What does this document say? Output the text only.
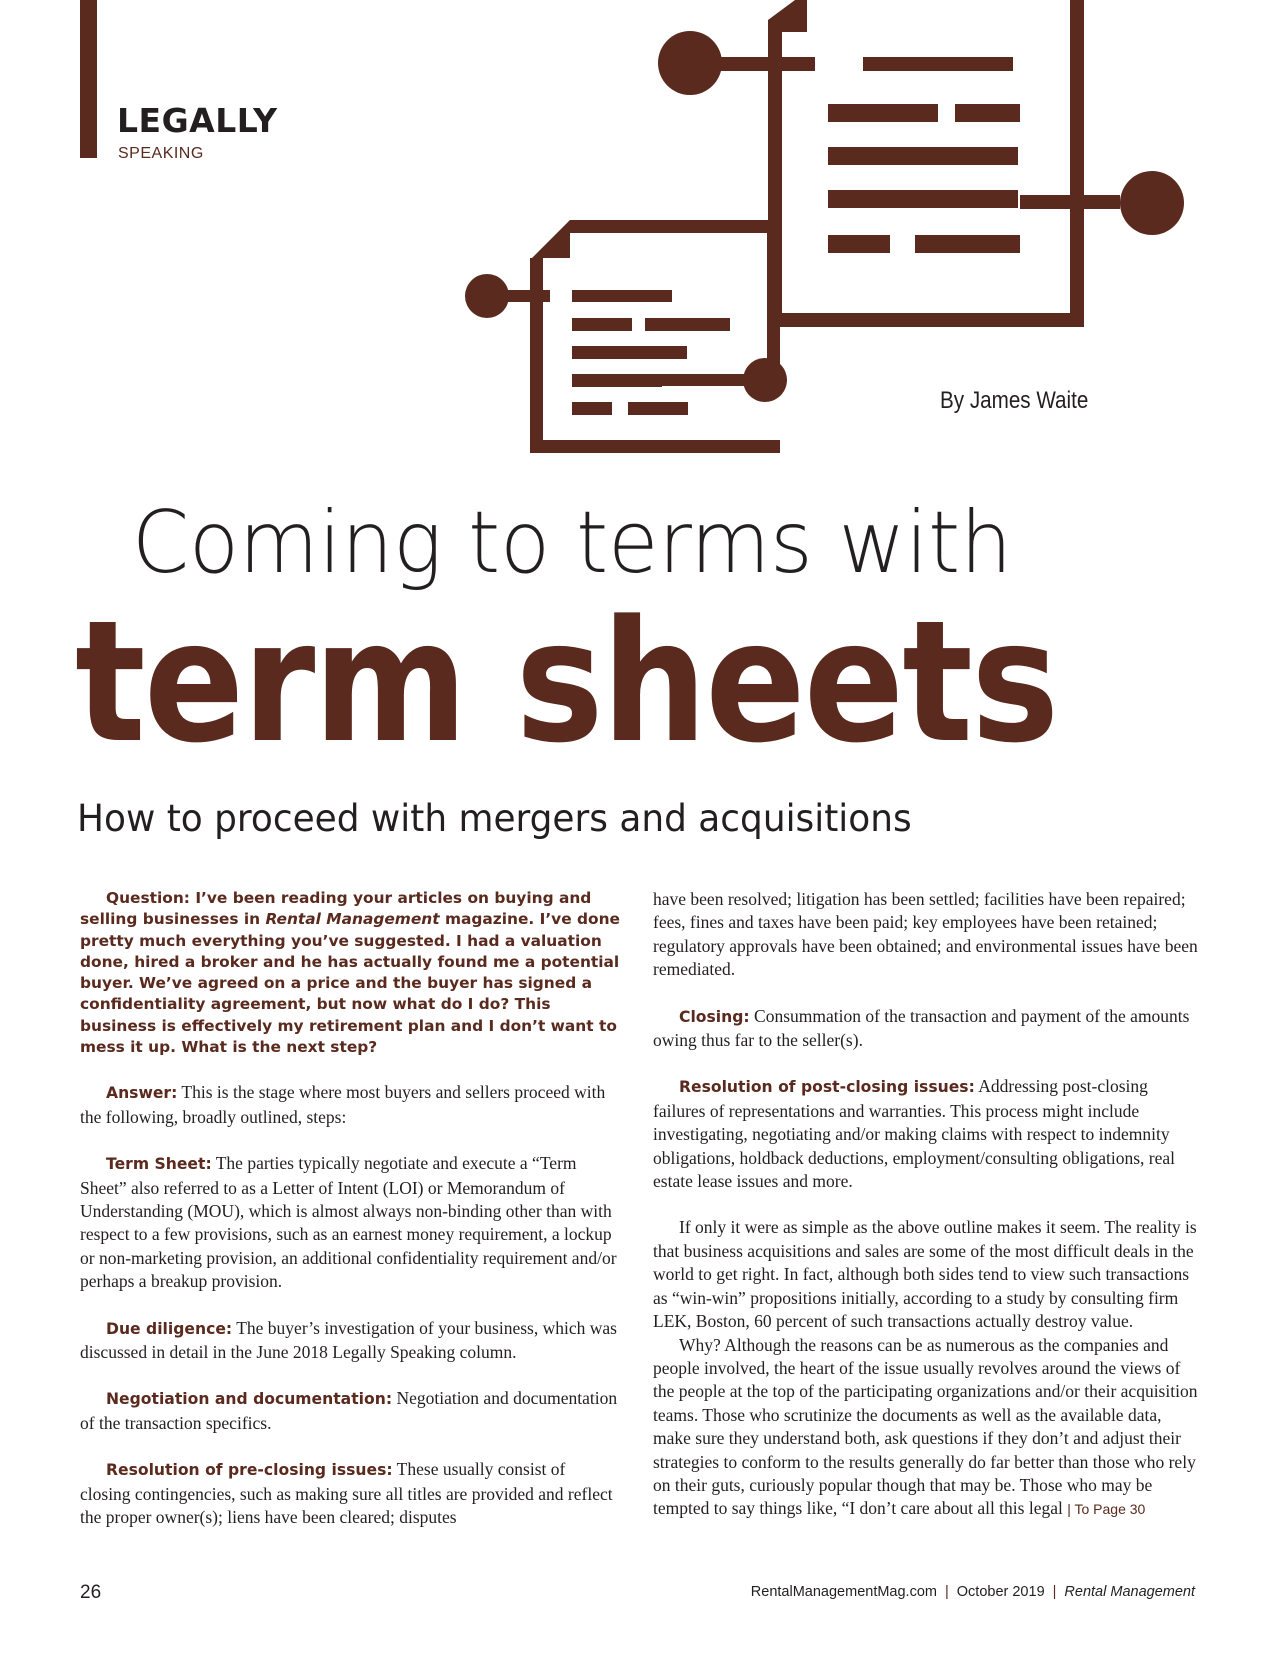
LEGALLY
SPEAKING
By James Waite
Coming to terms with
term sheets
How to proceed with mergers and acquisitions

Question: I’ve been reading your articles on buying and selling businesses in Rental Management magazine. I’ve done pretty much everything you’ve suggested. I had a valuation done, hired a broker and he has actually found me a potential buyer. We’ve agreed on a price and the buyer has signed a confidentiality agreement, but now what do I do? This business is effectively my retirement plan and I don’t want to mess it up. What is the next step?

Answer: This is the stage where most buyers and sellers proceed with the following, broadly outlined, steps:

Term Sheet: The parties typically negotiate and execute a “Term Sheet” also referred to as a Letter of Intent (LOI) or Memorandum of Understanding (MOU), which is almost always non-binding other than with respect to a few provisions, such as an earnest money requirement, a lockup or non-marketing provision, an additional confidentiality requirement and/or perhaps a breakup provision.

Due diligence: The buyer’s investigation of your business, which was discussed in detail in the June 2018 Legally Speaking column.

Negotiation and documentation: Negotiation and documentation of the transaction specifics.

Resolution of pre-closing issues: These usually consist of closing contingencies, such as making sure all titles are provided and reflect the proper owner(s); liens have been cleared; disputes

have been resolved; litigation has been settled; facilities have been repaired; fees, fines and taxes have been paid; key employees have been retained; regulatory approvals have been obtained; and environmental issues have been remediated.

Closing: Consummation of the transaction and payment of the amounts owing thus far to the seller(s).

Resolution of post-closing issues: Addressing post-closing failures of representations and warranties. This process might include investigating, negotiating and/or making claims with respect to indemnity obligations, holdback deductions, employment/consulting obligations, real estate lease issues and more.

If only it were as simple as the above outline makes it seem. The reality is that business acquisitions and sales are some of the most difficult deals in the world to get right. In fact, although both sides tend to view such transactions as “win-win” propositions initially, according to a study by consulting firm LEK, Boston, 60 percent of such transactions actually destroy value.

Why? Although the reasons can be as numerous as the companies and people involved, the heart of the issue usually revolves around the views of the people at the top of the participating organizations and/or their acquisition teams. Those who scrutinize the documents as well as the available data, make sure they understand both, ask questions if they don’t and adjust their strategies to conform to the results generally do far better than those who rely on their guts, curiously popular though that may be. Those who may be tempted to say things like, “I don’t care about all this legal | To Page 30

26	RentalManagementMag.com | October 2019 | Rental Management
